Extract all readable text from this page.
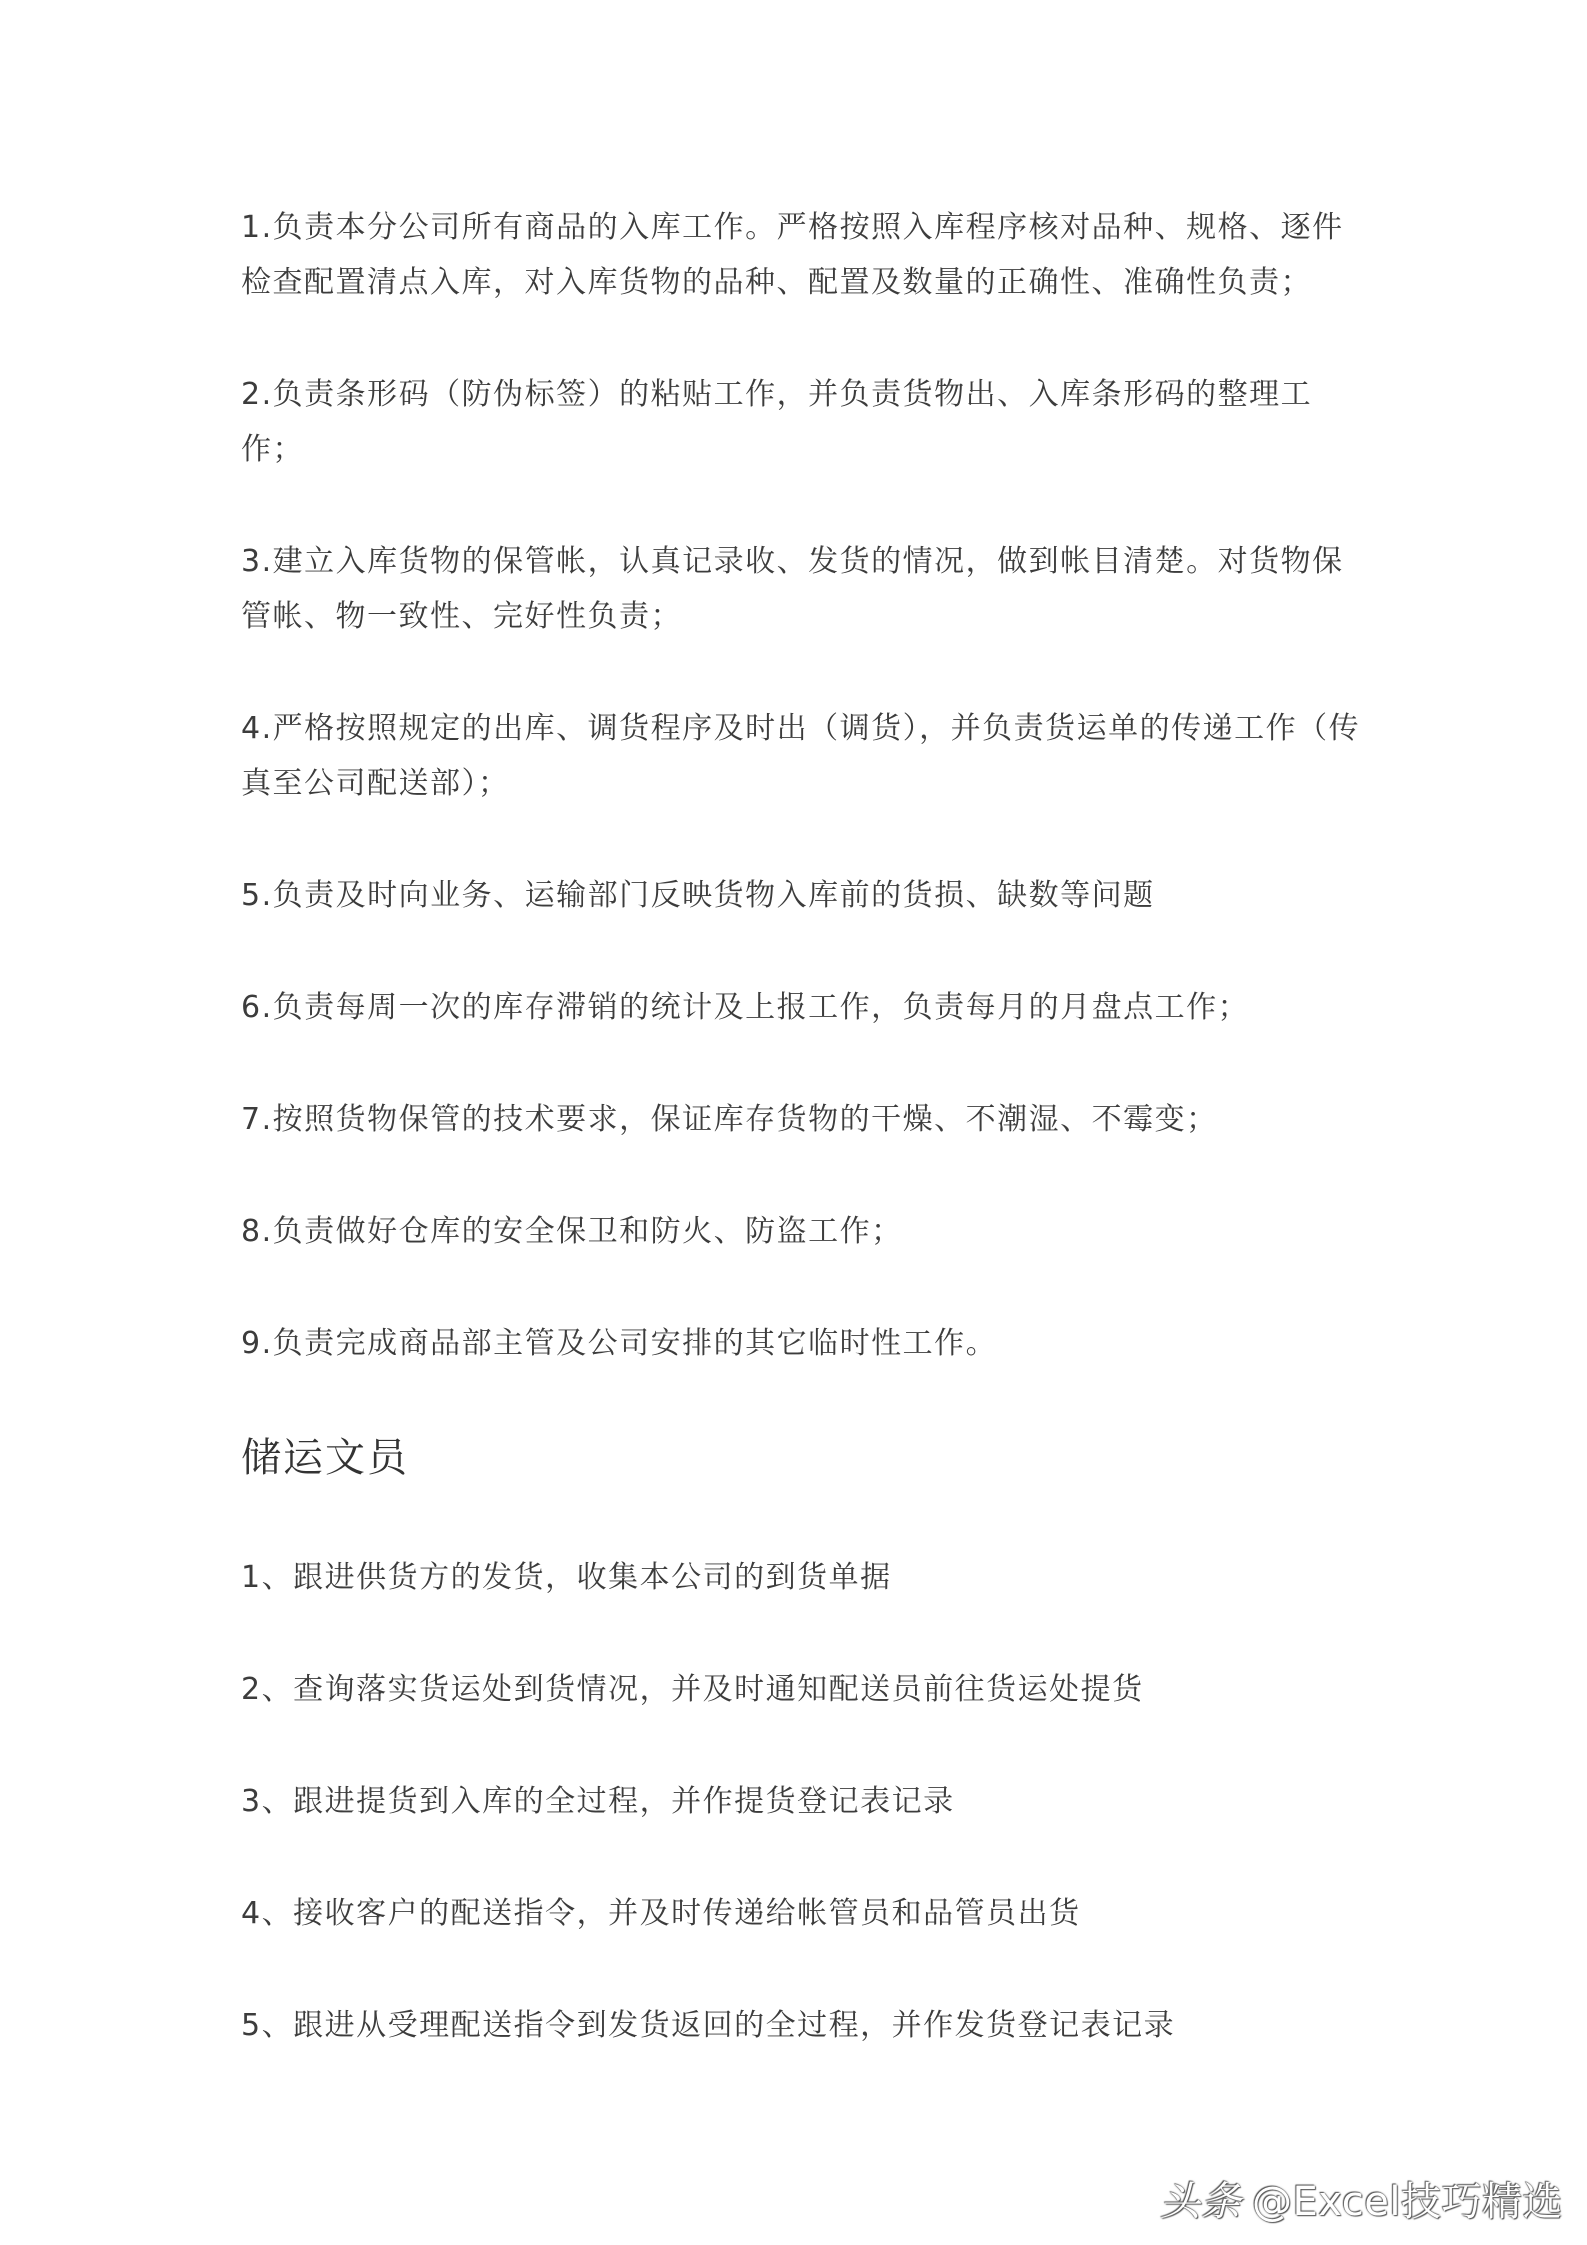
1.负责本分公司所有商品的入库工作。严格按照入库程序核对品种、规格、逐件检查配置清点入库，对入库货物的品种、配置及数量的正确性、准确性负责；

2.负责条形码（防伪标签）的粘贴工作，并负责货物出、入库条形码的整理工作；

3.建立入库货物的保管帐，认真记录收、发货的情况，做到帐目清楚。对货物保管帐、物一致性、完好性负责；

4.严格按照规定的出库、调货程序及时出（调货），并负责货运单的传递工作（传真至公司配送部）；

5.负责及时向业务、运输部门反映货物入库前的货损、缺数等问题

6.负责每周一次的库存滞销的统计及上报工作，负责每月的月盘点工作；

7.按照货物保管的技术要求，保证库存货物的干燥、不潮湿、不霉变；

8.负责做好仓库的安全保卫和防火、防盗工作；

9.负责完成商品部主管及公司安排的其它临时性工作。

储运文员

1、跟进供货方的发货，收集本公司的到货单据

2、查询落实货运处到货情况，并及时通知配送员前往货运处提货

3、跟进提货到入库的全过程，并作提货登记表记录

4、接收客户的配送指令，并及时传递给帐管员和品管员出货

5、跟进从受理配送指令到发货返回的全过程，并作发货登记表记录

头条 @Excel技巧精选
